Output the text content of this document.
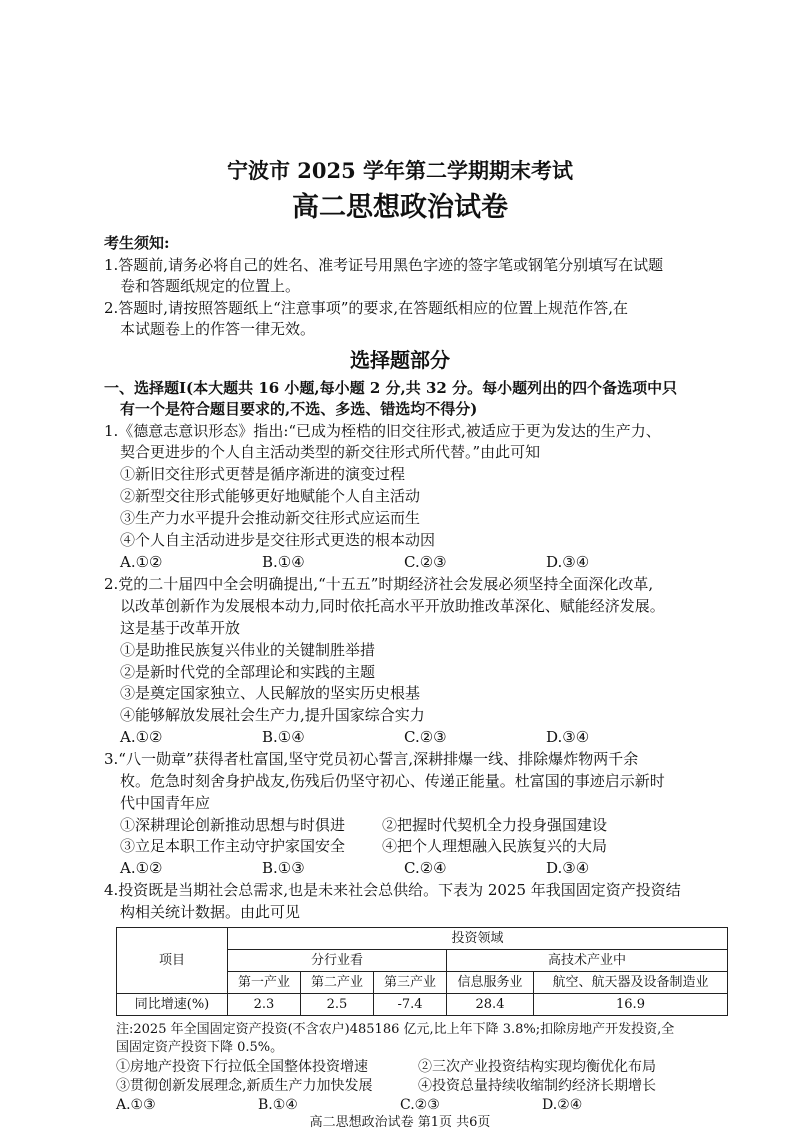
宁波市 2025 学年第二学期期末考试
高二思想政治试卷
考生须知:
1.答题前,请务必将自己的姓名、准考证号用黑色字迹的签字笔或钢笔分别填写在试题
卷和答题纸规定的位置上。
2.答题时,请按照答题纸上“注意事项”的要求,在答题纸相应的位置上规范作答,在
本试题卷上的作答一律无效。
选择题部分
一、选择题Ⅰ(本大题共 16 小题,每小题 2 分,共 32 分。每小题列出的四个备选项中只
有一个是符合题目要求的,不选、多选、错选均不得分)
1.《德意志意识形态》指出:“已成为桎梏的旧交往形式,被适应于更为发达的生产力、
契合更进步的个人自主活动类型的新交往形式所代替。”由此可知
①新旧交往形式更替是循序渐进的演变过程
②新型交往形式能够更好地赋能个人自主活动
③生产力水平提升会推动新交往形式应运而生
④个人自主活动进步是交往形式更迭的根本动因
A.①②	B.①④	C.②③	D.③④
2.党的二十届四中全会明确提出,“十五五”时期经济社会发展必须坚持全面深化改革,
以改革创新作为发展根本动力,同时依托高水平开放助推改革深化、赋能经济发展。
这是基于改革开放
①是助推民族复兴伟业的关键制胜举措
②是新时代党的全部理论和实践的主题
③是奠定国家独立、人民解放的坚实历史根基
④能够解放发展社会生产力,提升国家综合实力
A.①②	B.①④	C.②③	D.③④
3.“八一勋章”获得者杜富国,坚守党员初心誓言,深耕排爆一线、排除爆炸物两千余
枚。危急时刻舍身护战友,伤残后仍坚守初心、传递正能量。杜富国的事迹启示新时
代中国青年应
①深耕理论创新推动思想与时俱进 ②把握时代契机全力投身强国建设
③立足本职工作主动守护家国安全 ④把个人理想融入民族复兴的大局
A.①②	B.①③	C.②④	D.③④
4.投资既是当期社会总需求,也是未来社会总供给。下表为 2025 年我国固定资产投资结
构相关统计数据。由此可见
项目	投资领域				
	分行业看			高技术产业中	
	第一产业	第二产业	第三产业	信息服务业	航空、航天器及设备制造业
同比增速(%)	2.3	2.5	-7.4	28.4	16.9
注:2025 年全国固定资产投资(不含农户)485186 亿元,比上年下降 3.8%;扣除房地产开发投资,全
国固定资产投资下降 0.5%。
①房地产投资下行拉低全国整体投资增速	②三次产业投资结构实现均衡优化布局
③贯彻创新发展理念,新质生产力加快发展	④投资总量持续收缩制约经济长期增长
A.①③	B.①④	C.②③	D.②④
高二思想政治试卷 第1页 共6页
